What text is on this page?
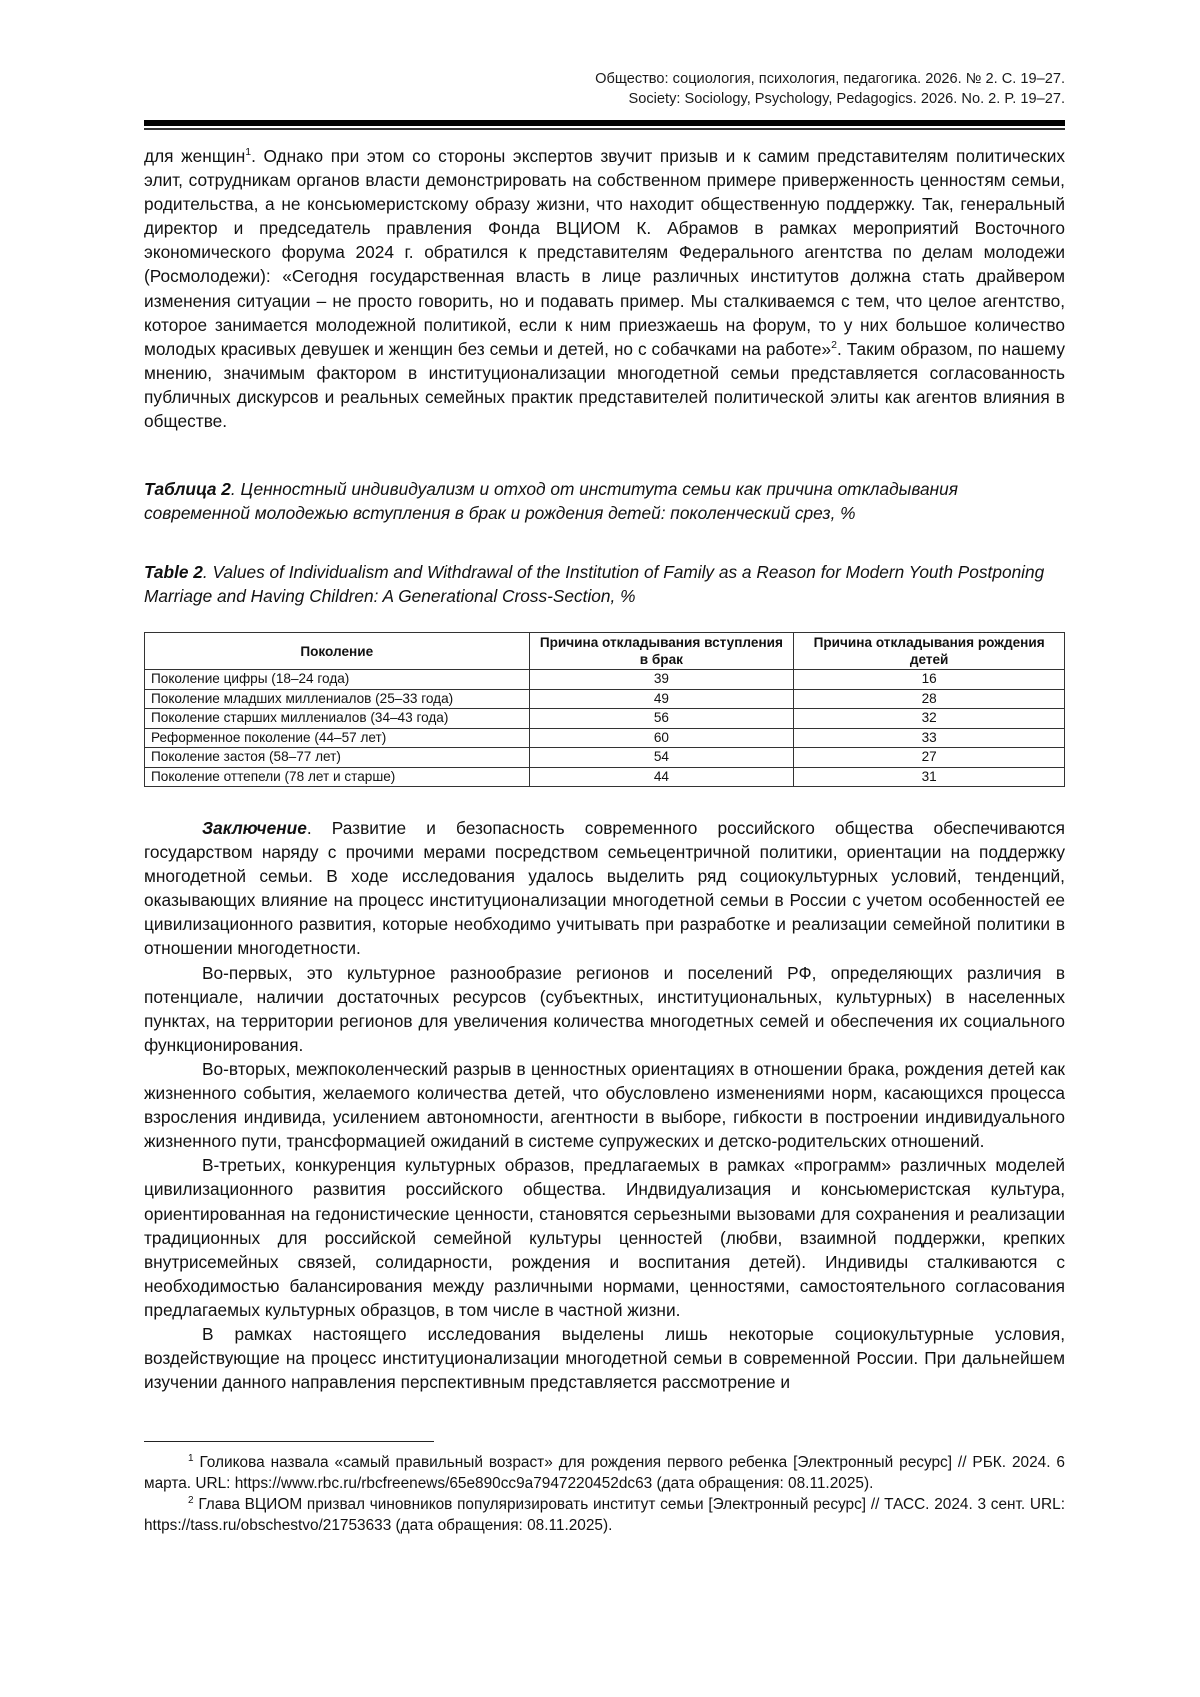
Общество: социология, психология, педагогика. 2026. № 2. С. 19–27.
Society: Sociology, Psychology, Pedagogics. 2026. No. 2. P. 19–27.

для женщин$^1$. Однако при этом со стороны экспертов звучит призыв и к самим представителям политических элит, сотрудникам органов власти демонстрировать на собственном примере приверженность ценностям семьи, родительства, а не консьюмеристскому образу жизни, что находит общественную поддержку. Так, генеральный директор и председатель правления Фонда ВЦИОМ К. Абрамов в рамках мероприятий Восточного экономического форума 2024 г. обратился к представителям Федерального агентства по делам молодежи (Росмолодежи): «Сегодня государственная власть в лице различных институтов должна стать драйвером изменения ситуации – не просто говорить, но и подавать пример. Мы сталкиваемся с тем, что целое агентство, которое занимается молодежной политикой, если к ним приезжаешь на форум, то у них большое количество молодых красивых девушек и женщин без семьи и детей, но с собачками на работе»$^2$. Таким образом, по нашему мнению, значимым фактором в институционализации многодетной семьи представляется согласованность публичных дискурсов и реальных семейных практик представителей политической элиты как агентов влияния в обществе.

Таблица 2. Ценностный индивидуализм и отход от института семьи как причина откладывания современной молодежью вступления в брак и рождения детей: поколенческий срез, %

Table 2. Values of Individualism and Withdrawal of the Institution of Family as a Reason for Modern Youth Postponing Marriage and Having Children: A Generational Cross-Section, %

Поколение	Причина откладывания вступления в брак	Причина откладывания рождения детей
Поколение цифры (18–24 года)	39	16
Поколение младших миллениалов (25–33 года)	49	28
Поколение старших миллениалов (34–43 года)	56	32
Реформенное поколение (44–57 лет)	60	33
Поколение застоя (58–77 лет)	54	27
Поколение оттепели (78 лет и старше)	44	31

Заключение. Развитие и безопасность современного российского общества обеспечиваются государством наряду с прочими мерами посредством семьецентричной политики, ориентации на поддержку многодетной семьи. В ходе исследования удалось выделить ряд социокультурных условий, тенденций, оказывающих влияние на процесс институционализации многодетной семьи в России с учетом особенностей ее цивилизационного развития, которые необходимо учитывать при разработке и реализации семейной политики в отношении многодетности.

Во-первых, это культурное разнообразие регионов и поселений РФ, определяющих различия в потенциале, наличии достаточных ресурсов (субъектных, институциональных, культурных) в населенных пунктах, на территории регионов для увеличения количества многодетных семей и обеспечения их социального функционирования.

Во-вторых, межпоколенческий разрыв в ценностных ориентациях в отношении брака, рождения детей как жизненного события, желаемого количества детей, что обусловлено изменениями норм, касающихся процесса взросления индивида, усилением автономности, агентности в выборе, гибкости в построении индивидуального жизненного пути, трансформацией ожиданий в системе супружеских и детско-родительских отношений.

В-третьих, конкуренция культурных образов, предлагаемых в рамках «программ» различных моделей цивилизационного развития российского общества. Индвидуализация и консьюмеристская культура, ориентированная на гедонистические ценности, становятся серьезными вызовами для сохранения и реализации традиционных для российской семейной культуры ценностей (любви, взаимной поддержки, крепких внутрисемейных связей, солидарности, рождения и воспитания детей). Индивиды сталкиваются с необходимостью балансирования между различными нормами, ценностями, самостоятельного согласования предлагаемых культурных образцов, в том числе в частной жизни.

В рамках настоящего исследования выделены лишь некоторые социокультурные условия, воздействующие на процесс институционализации многодетной семьи в современной России. При дальнейшем изучении данного направления перспективным представляется рассмотрение и

$^1$ Голикова назвала «самый правильный возраст» для рождения первого ребенка [Электронный ресурс] // РБК. 2024. 6 марта. URL: https://www.rbc.ru/rbcfreenews/65e890cc9a7947220452dc63 (дата обращения: 08.11.2025).

$^2$ Глава ВЦИОМ призвал чиновников популяризировать институт семьи [Электронный ресурс] // ТАСС. 2024. 3 сент. URL: https://tass.ru/obschestvo/21753633 (дата обращения: 08.11.2025).
